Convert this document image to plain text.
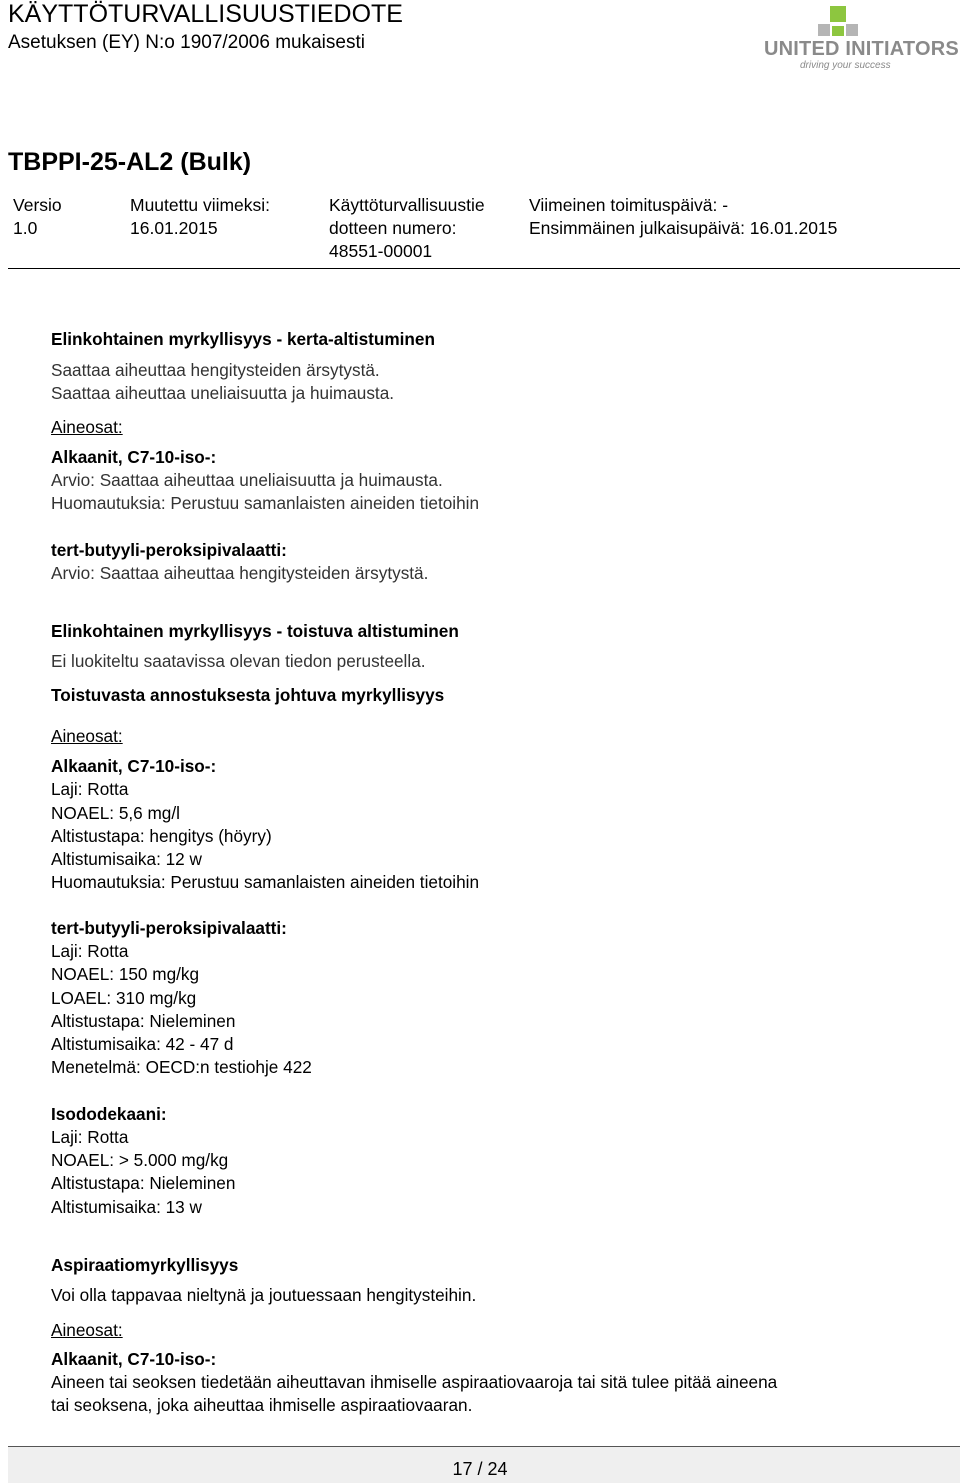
KÄYTTÖTURVALLISUUSTIEDOTE
Asetuksen (EY) N:o 1907/2006 mukaisesti	UNITED INITIATORS
driving your success
TBPPI-25-AL2 (Bulk)
Versio
1.0
Muutettu viimeksi:
16.01.2015
Käyttöturvallisuustie
dotteen numero:
48551-00001
Viimeinen toimituspäivä: -
Ensimmäinen julkaisupäivä: 16.01.2015
Elinkohtainen myrkyllisyys - kerta-altistuminen
Saattaa aiheuttaa hengitysteiden ärsytystä.
Saattaa aiheuttaa uneliaisuutta ja huimausta.
Aineosat:
Alkaanit, C7-10-iso-:
Arvio: Saattaa aiheuttaa uneliaisuutta ja huimausta.
Huomautuksia: Perustuu samanlaisten aineiden tietoihin
tert-butyyli-peroksipivalaatti:
Arvio: Saattaa aiheuttaa hengitysteiden ärsytystä.
Elinkohtainen myrkyllisyys - toistuva altistuminen
Ei luokiteltu saatavissa olevan tiedon perusteella.
Toistuvasta annostuksesta johtuva myrkyllisyys
Aineosat:
Alkaanit, C7-10-iso-:
Laji: Rotta
NOAEL: 5,6 mg/l
Altistustapa: hengitys (höyry)
Altistumisaika: 12 w
Huomautuksia: Perustuu samanlaisten aineiden tietoihin
tert-butyyli-peroksipivalaatti:
Laji: Rotta
NOAEL: 150 mg/kg
LOAEL: 310 mg/kg
Altistustapa: Nieleminen
Altistumisaika: 42 - 47 d
Menetelmä: OECD:n testiohje 422
Isododekaani:
Laji: Rotta
NOAEL: > 5.000 mg/kg
Altistustapa: Nieleminen
Altistumisaika: 13 w
Aspiraatiomyrkyllisyys
Voi olla tappavaa nieltynä ja joutuessaan hengitysteihin.
Aineosat:
Alkaanit, C7-10-iso-:
Aineen tai seoksen tiedetään aiheuttavan ihmiselle aspiraatiovaaroja tai sitä tulee pitää aineena
tai seoksena, joka aiheuttaa ihmiselle aspiraatiovaaran.
17 / 24
